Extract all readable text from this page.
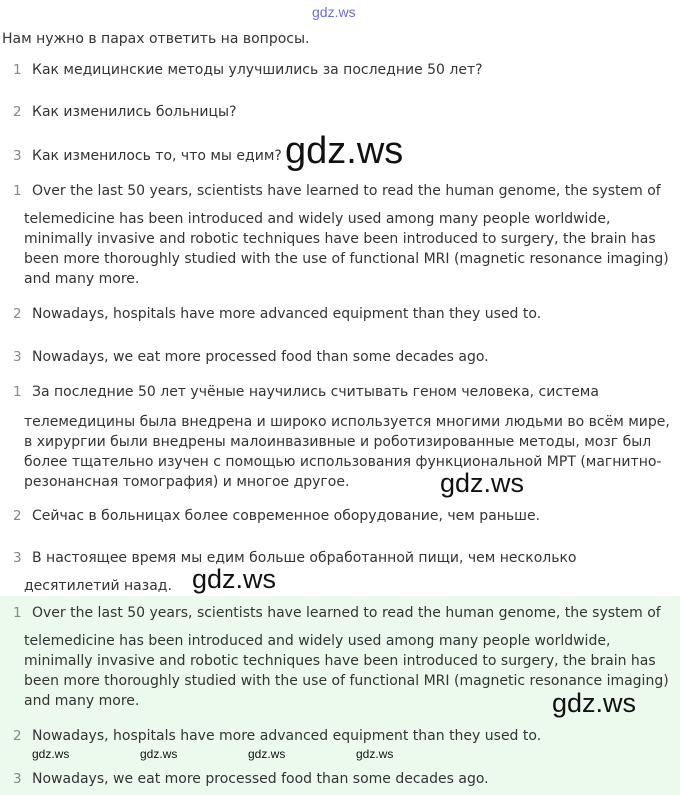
gdz.ws
Нам нужно в парах ответить на вопросы.
1 Как медицинские методы улучшились за последние 50 лет?
2 Как изменились больницы?
3 Как изменилось то, что мы едим? gdz.ws
1 Over the last 50 years, scientists have learned to read the human genome, the system of
telemedicine has been introduced and widely used among many people worldwide, minimally invasive and robotic techniques have been introduced to surgery, the brain has been more thoroughly studied with the use of functional MRI (magnetic resonance imaging) and many more.
2 Nowadays, hospitals have more advanced equipment than they used to.
3 Nowadays, we eat more processed food than some decades ago.
1 За последние 50 лет учёные научились считывать геном человека, система
телемедицины была внедрена и широко используется многими людьми во всём мире, в хирургии были внедрены малоинвазивные и роботизированные методы, мозг был более тщательно изучен с помощью использования функциональной МРТ (магнитно-резонансная томография) и многое другое.	gdz.ws
2 Сейчас в больницах более современное оборудование, чем раньше.
3 В настоящее время мы едим больше обработанной пищи, чем несколько
десятилетий назад. gdz.ws
1 Over the last 50 years, scientists have learned to read the human genome, the system of
telemedicine has been introduced and widely used among many people worldwide, minimally invasive and robotic techniques have been introduced to surgery, the brain has been more thoroughly studied with the use of functional MRI (magnetic resonance imaging) and many more.	gdz.ws
2 Nowadays, hospitals have more advanced equipment than they used to.
gdz.ws	gdz.ws	gdz.ws	gdz.ws
3 Nowadays, we eat more processed food than some decades ago.
